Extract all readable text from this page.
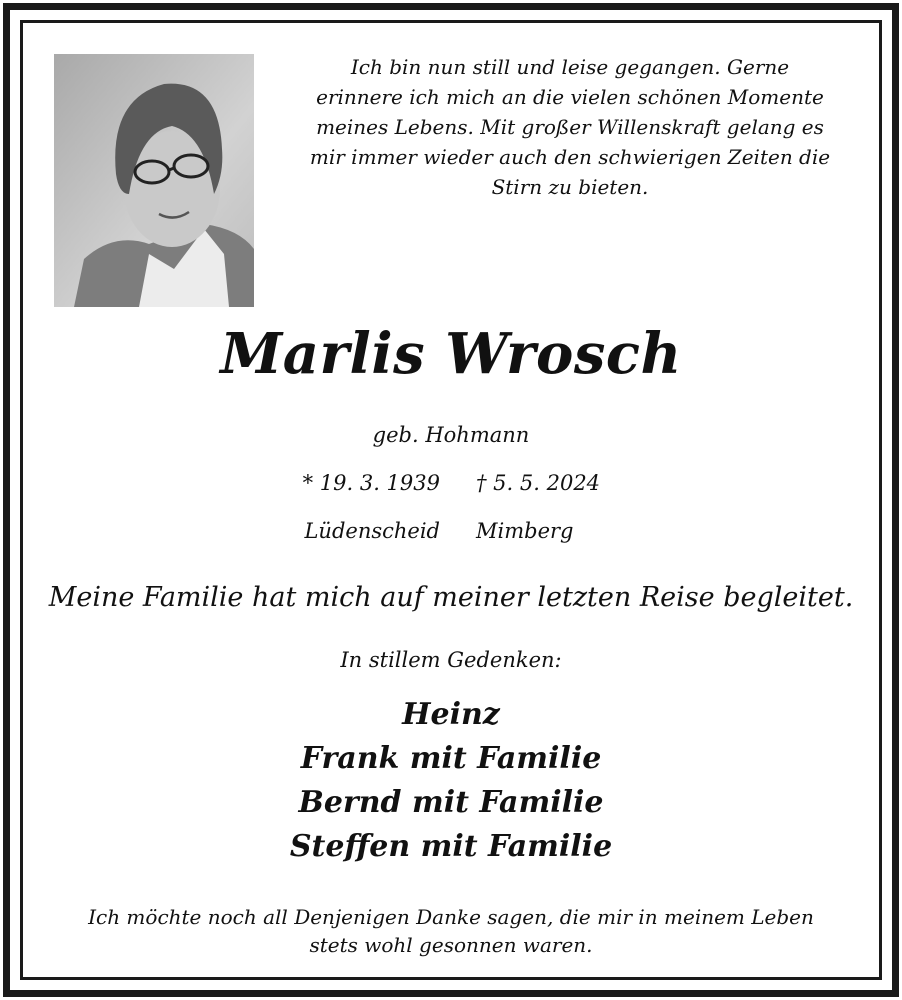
Ich bin nun still und leise gegangen. Gerne
erinnere ich mich an die vielen schönen Momente
meines Lebens. Mit großer Willenskraft gelang es
mir immer wieder auch den schwierigen Zeiten die
Stirn zu bieten.
Marlis Wrosch
geb. Hohmann
* 19. 3. 1939 † 5. 5. 2024
Lüdenscheid Mimberg
Meine Familie hat mich auf meiner letzten Reise begleitet.
In stillem Gedenken:
Heinz
Frank mit Familie
Bernd mit Familie
Steffen mit Familie
Ich möchte noch all Denjenigen Danke sagen, die mir in meinem Leben
stets wohl gesonnen waren.
